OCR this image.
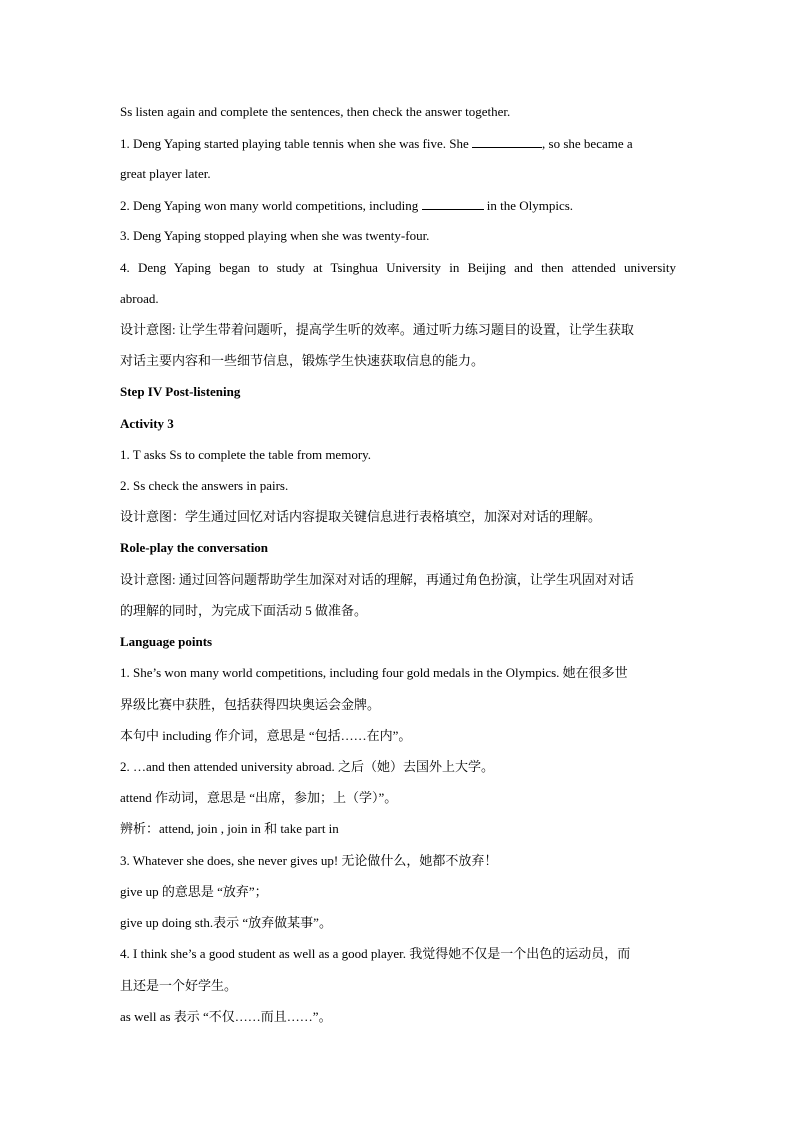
Ss listen again and complete the sentences, then check the answer together.
1. Deng Yaping started playing table tennis when she was five. She	, so she became a
great player later.
2. Deng Yaping won many world competitions, including	in the Olympics.
3. Deng Yaping stopped playing when she was twenty-four.
4. Deng Yaping began to study at Tsinghua University in Beijing and then attended university
abroad.
设计意图: 让学生带着问题听，提高学生听的效率。通过听力练习题目的设置，让学生获取
对话主要内容和一些细节信息，锻炼学生快速获取信息的能力。
Step IV Post-listening
Activity 3
1. T asks Ss to complete the table from memory.
2. Ss check the answers in pairs.
设计意图：学生通过回忆对话内容提取关键信息进行表格填空，加深对对话的理解。
Role-play the conversation
设计意图: 通过回答问题帮助学生加深对对话的理解，再通过角色扮演，让学生巩固对对话
的理解的同时，为完成下面活动 5 做准备。
Language points
1. She’s won many world competitions, including four gold medals in the Olympics. 她在很多世
界级比赛中获胜，包括获得四块奥运会金牌。
本句中 including 作介词，意思是 “包括……在内”。
2. …and then attended university abroad. 之后（她）去国外上大学。
attend 作动词，意思是 “出席，参加；上（学）”。
辨析：attend, join , join in 和 take part in
3. Whatever she does, she never gives up! 无论做什么，她都不放弃！
give up 的意思是 “放弃”；
give up doing sth.表示 “放弃做某事”。
4. I think she’s a good student as well as a good player. 我觉得她不仅是一个出色的运动员，而
且还是一个好学生。
as well as 表示 “不仅……而且……”。
